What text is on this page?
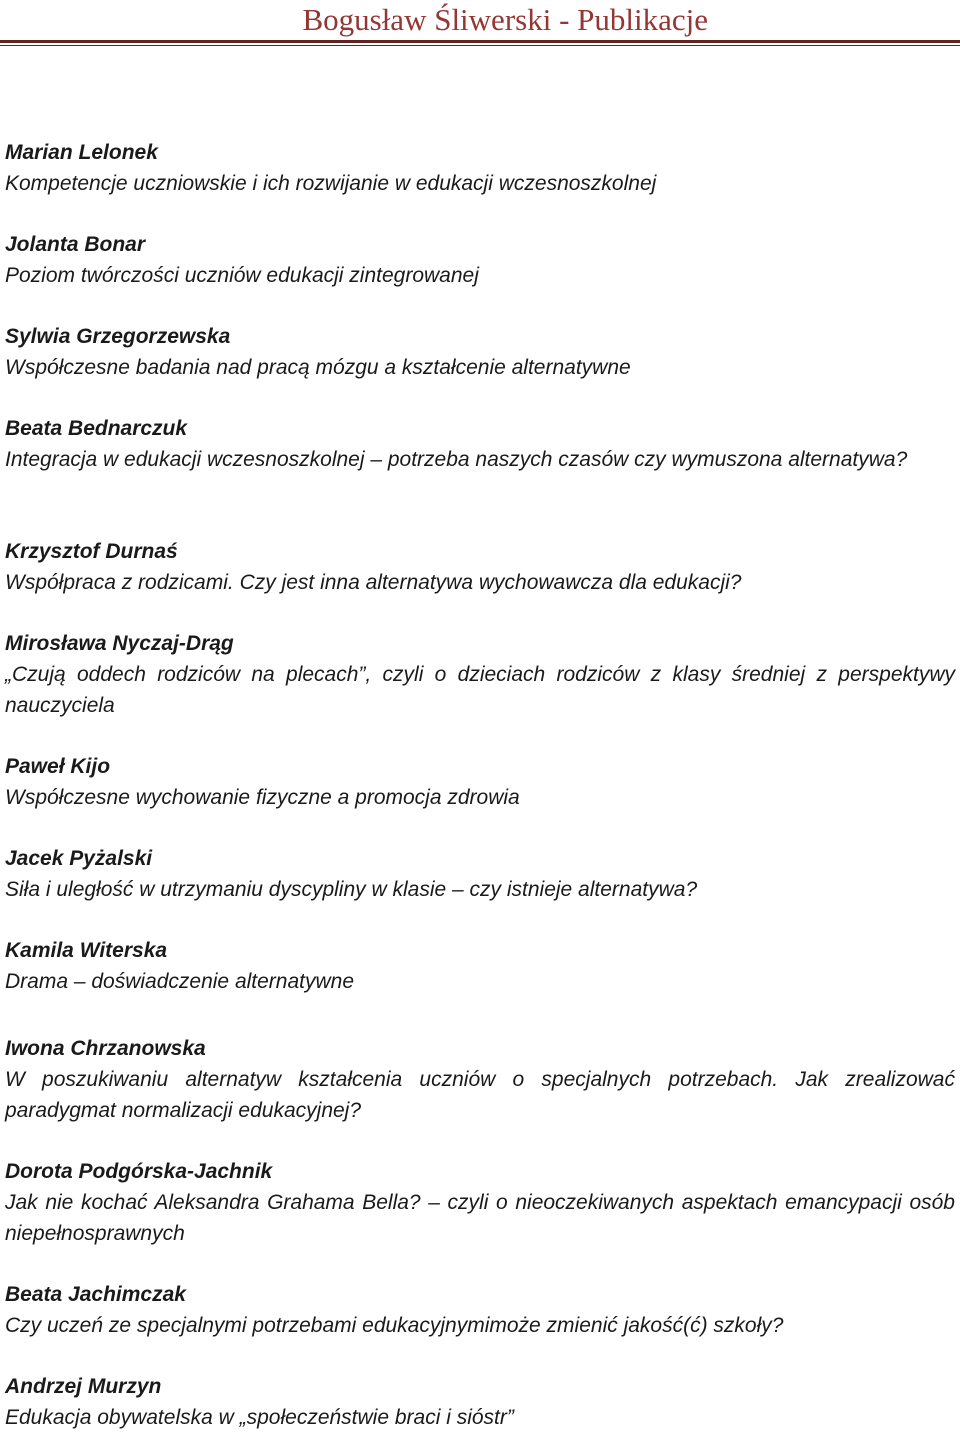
Bogusław Śliwerski - Publikacje
Marian Lelonek
Kompetencje uczniowskie i ich rozwijanie w edukacji wczesnoszkolnej
Jolanta Bonar
Poziom twórczości uczniów edukacji zintegrowanej
Sylwia Grzegorzewska
Współczesne badania nad pracą mózgu a kształcenie alternatywne
Beata Bednarczuk
Integracja w edukacji wczesnoszkolnej – potrzeba naszych czasów czy wymuszona alternatywa?
Krzysztof Durnaś
Współpraca z rodzicami. Czy jest inna alternatywa wychowawcza dla edukacji?
Mirosława Nyczaj-Drąg
„Czują oddech rodziców na plecach”, czyli o dzieciach rodziców z klasy średniej z perspektywy nauczyciela
Paweł Kijo
Współczesne wychowanie fizyczne a promocja zdrowia
Jacek Pyżalski
Siła i uległość w utrzymaniu dyscypliny w klasie – czy istnieje alternatywa?
Kamila Witerska
Drama – doświadczenie alternatywne
Iwona Chrzanowska
W poszukiwaniu alternatyw kształcenia uczniów o specjalnych potrzebach. Jak zrealizować paradygmat normalizacji edukacyjnej?
Dorota Podgórska-Jachnik
Jak nie kochać Aleksandra Grahama Bella? – czyli o nieoczekiwanych aspektach emancypacji osób niepełnosprawnych
Beata Jachimczak
Czy uczeń ze specjalnymi potrzebami edukacyjnymimoże zmienić jakość(ć) szkoły?
Andrzej Murzyn
Edukacja obywatelska w „społeczeństwie braci i sióstr”
